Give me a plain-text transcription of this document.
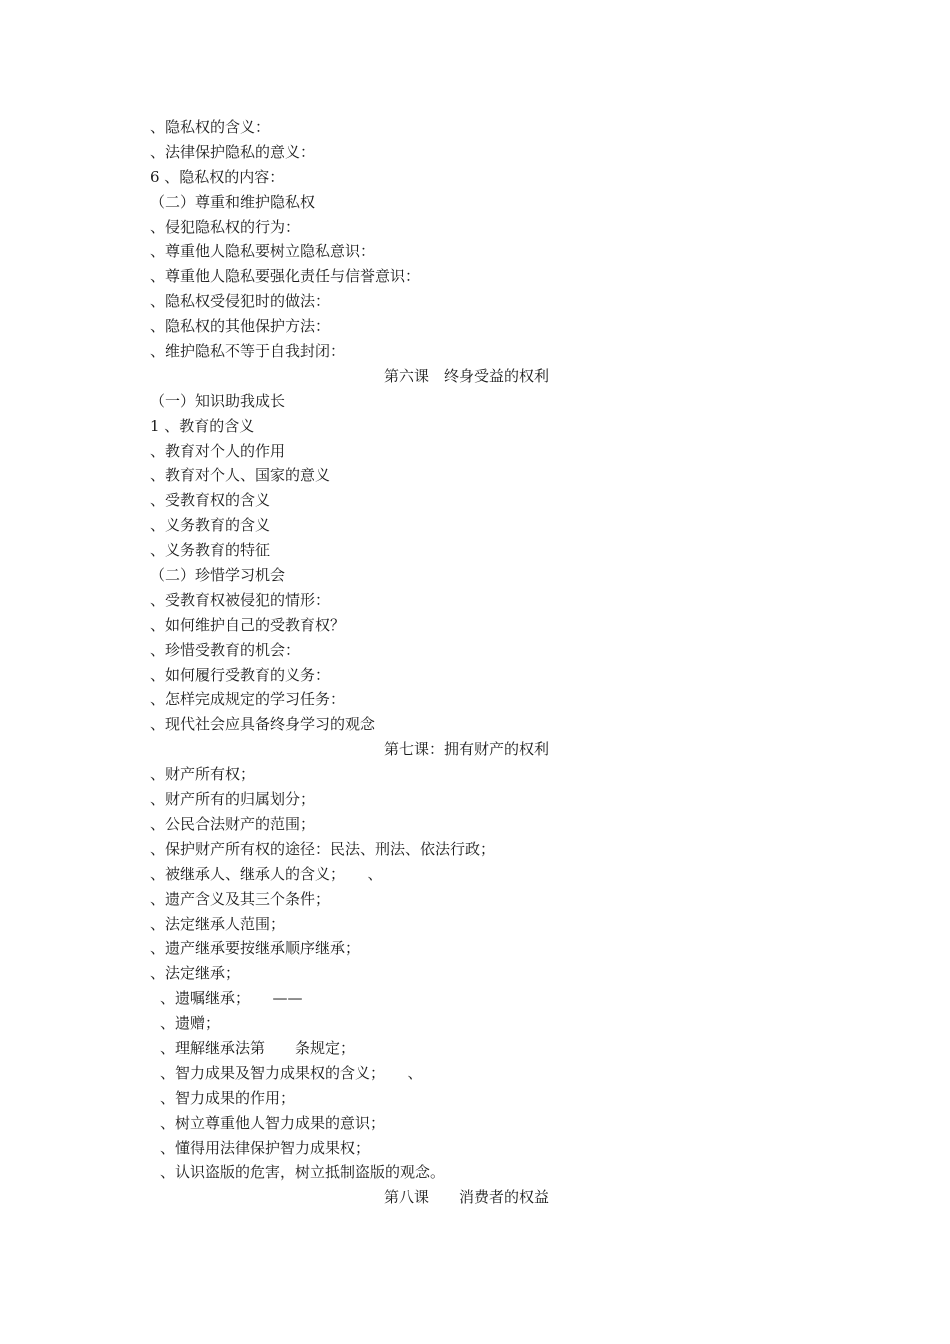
、隐私权的含义：
、法律保护隐私的意义：
6 、隐私权的内容：
（二）尊重和维护隐私权
、侵犯隐私权的行为：
、尊重他人隐私要树立隐私意识：
、尊重他人隐私要强化责任与信誉意识：
、隐私权受侵犯时的做法：
、隐私权的其他保护方法：
、维护隐私不等于自我封闭：
第六课　终身受益的权利
（一）知识助我成长
1 、教育的含义
、教育对个人的作用
、教育对个人、国家的意义
、受教育权的含义
、义务教育的含义
、义务教育的特征
（二）珍惜学习机会
、受教育权被侵犯的情形：
、如何维护自己的受教育权？
、珍惜受教育的机会：
、如何履行受教育的义务：
、怎样完成规定的学习任务：
、现代社会应具备终身学习的观念
第七课：拥有财产的权利
、财产所有权；
、财产所有的归属划分；
、公民合法财产的范围；
、保护财产所有权的途径：民法、刑法、依法行政；
、被继承人、继承人的含义；　　、
、遗产含义及其三个条件；
、法定继承人范围；
、遗产继承要按继承顺序继承；
、法定继承；
、遗嘱继承；　　——
、遗赠；
、理解继承法第　　条规定；
、智力成果及智力成果权的含义；　　、
、智力成果的作用；
、树立尊重他人智力成果的意识；
、懂得用法律保护智力成果权；
、认识盗版的危害，树立抵制盗版的观念。
第八课　　消费者的权益
